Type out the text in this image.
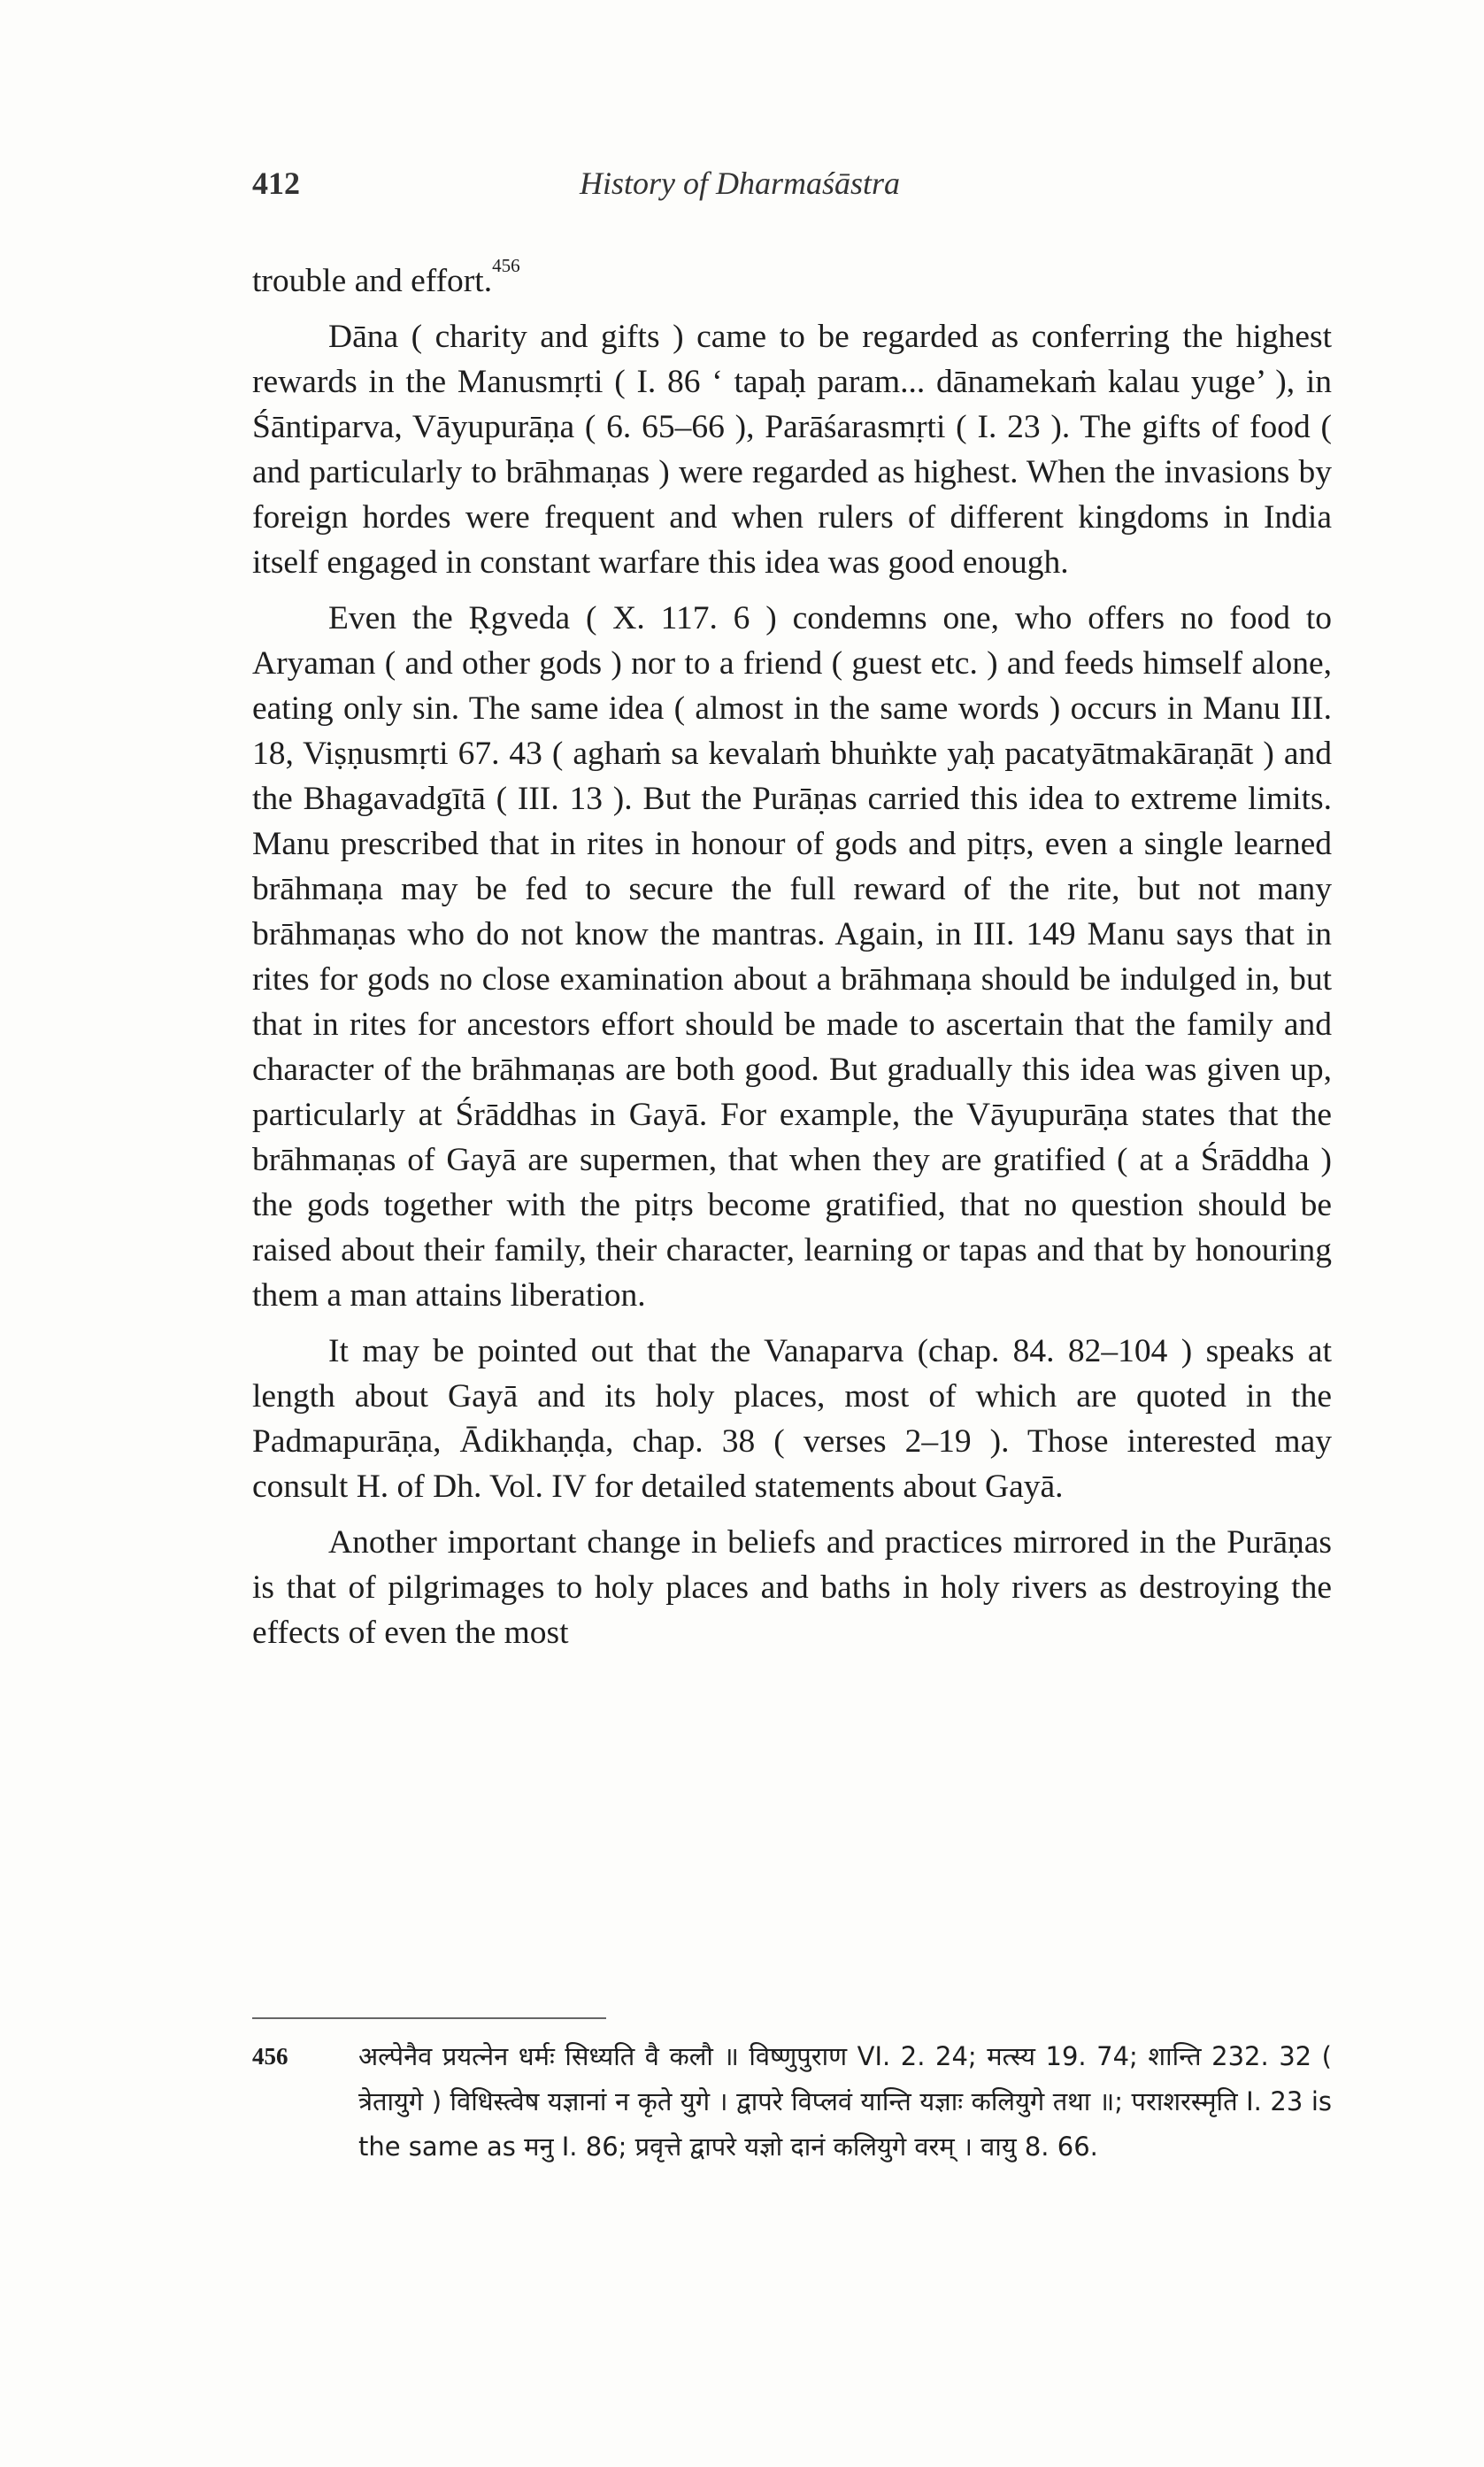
412	History of Dharmaśāstra

trouble and effort.$^{456}$

Dāna ( charity and gifts ) came to be regarded as conferring the highest rewards in the Manusmṛti ( I. 86 ‘ tapaḥ param... dānamekaṁ kalau yuge’ ), in Śāntiparva, Vāyupurāṇa ( 6. 65–66 ), Parāśarasmṛti ( I. 23 ). The gifts of food ( and particularly to brāhmaṇas ) were regarded as highest. When the invasions by foreign hordes were frequent and when rulers of different kingdoms in India itself engaged in constant warfare this idea was good enough.

Even the Ṛgveda ( X. 117. 6 ) condemns one, who offers no food to Aryaman ( and other gods ) nor to a friend ( guest etc. ) and feeds himself alone, eating only sin. The same idea ( almost in the same words ) occurs in Manu III. 18, Viṣṇusmṛti 67. 43 ( aghaṁ sa kevalaṁ bhuṅkte yaḥ pacatyātmakāraṇāt ) and the Bhagavadgītā ( III. 13 ). But the Purāṇas carried this idea to extreme limits. Manu prescribed that in rites in honour of gods and pitṛs, even a single learned brāhmaṇa may be fed to secure the full reward of the rite, but not many brāhmaṇas who do not know the mantras. Again, in III. 149 Manu says that in rites for gods no close examination about a brāhmaṇa should be indulged in, but that in rites for ancestors effort should be made to ascertain that the family and character of the brāhmaṇas are both good. But gradually this idea was given up, particularly at Śrāddhas in Gayā. For example, the Vāyupurāṇa states that the brāhmaṇas of Gayā are supermen, that when they are gratified ( at a Śrāddha ) the gods together with the pitṛs become gratified, that no question should be raised about their family, their character, learning or tapas and that by honouring them a man attains liberation.

It may be pointed out that the Vanaparva (chap. 84. 82–104 ) speaks at length about Gayā and its holy places, most of which are quoted in the Padmapurāṇa, Ādikhaṇḍa, chap. 38 ( verses 2–19 ). Those interested may consult H. of Dh. Vol. IV for detailed statements about Gayā.

Another important change in beliefs and practices mirrored in the Purāṇas is that of pilgrimages to holy places and baths in holy rivers as destroying the effects of even the most

456	अल्पेनैव प्रयत्नेन धर्मः सिध्यति वै कलौ ॥ विष्णुपुराण VI. 2. 24; मत्स्य 19. 74; शान्ति 232. 32 ( त्रेतायुगे ) विधिस्त्वेष यज्ञानां न कृते युगे । द्वापरे विप्लवं यान्ति यज्ञाः कलियुगे तथा ॥; पराशरस्मृति I. 23 is the same as मनु I. 86; प्रवृत्ते द्वापरे यज्ञो दानं कलियुगे वरम् । वायु 8. 66.
